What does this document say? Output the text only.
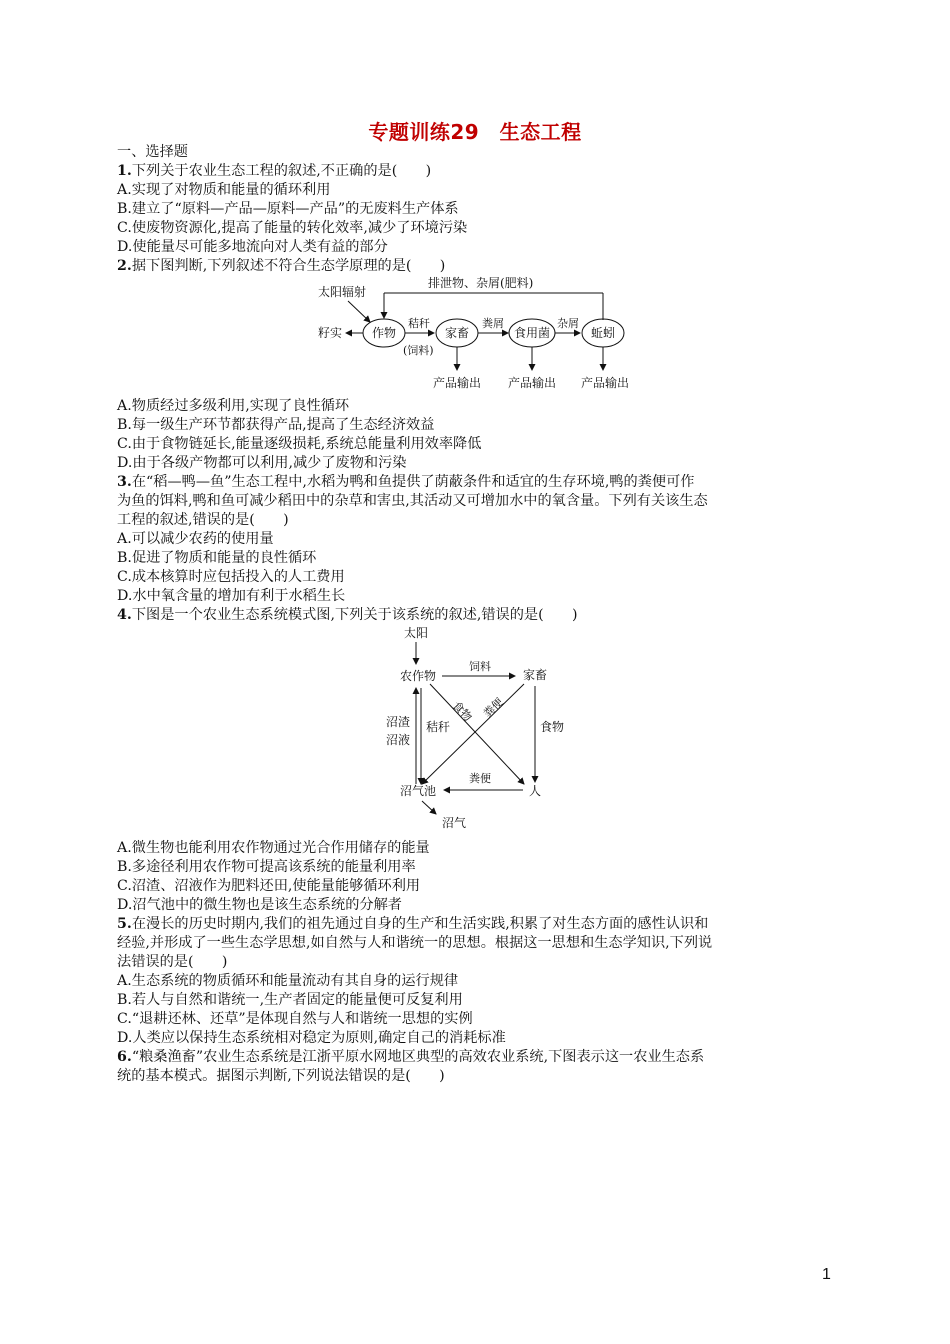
专题训练29　生态工程
一、选择题
1.下列关于农业生态工程的叙述,不正确的是(　　)
A.实现了对物质和能量的循环利用
B.建立了“原料—产品—原料—产品”的无废料生产体系
C.使废物资源化,提高了能量的转化效率,减少了环境污染
D.使能量尽可能多地流向对人类有益的部分
2.据下图判断,下列叙述不符合生态学原理的是(　　)
太阳辐射
排泄物、杂屑(肥料)
作物
籽实
秸秆
(饲料)
家畜
粪屑
食用菌
杂屑
蚯蚓
产品输出 产品输出 产品输出
A.物质经过多级利用,实现了良性循环
B.每一级生产环节都获得产品,提高了生态经济效益
C.由于食物链延长,能量逐级损耗,系统总能量利用效率降低
D.由于各级产物都可以利用,减少了废物和污染
3.在“稻—鸭—鱼”生态工程中,水稻为鸭和鱼提供了荫蔽条件和适宜的生存环境,鸭的粪便可作
为鱼的饵料,鸭和鱼可减少稻田中的杂草和害虫,其活动又可增加水中的氧含量。下列有关该生态
工程的叙述,错误的是(　　)
A.可以减少农药的使用量
B.促进了物质和能量的良性循环
C.成本核算时应包括投入的人工费用
D.水中氧含量的增加有利于水稻生长
4.下图是一个农业生态系统模式图,下列关于该系统的叙述,错误的是(　　)
太阳
农作物	家畜
饲料
食物 粪便
沼渣
沼液
秸秆	食物
沼气池	人
粪便
沼气
A.微生物也能利用农作物通过光合作用储存的能量
B.多途径利用农作物可提高该系统的能量利用率
C.沼渣、沼液作为肥料还田,使能量能够循环利用
D.沼气池中的微生物也是该生态系统的分解者
5.在漫长的历史时期内,我们的祖先通过自身的生产和生活实践,积累了对生态方面的感性认识和
经验,并形成了一些生态学思想,如自然与人和谐统一的思想。根据这一思想和生态学知识,下列说
法错误的是(　　)
A.生态系统的物质循环和能量流动有其自身的运行规律
B.若人与自然和谐统一,生产者固定的能量便可反复利用
C.“退耕还林、还草”是体现自然与人和谐统一思想的实例
D.人类应以保持生态系统相对稳定为原则,确定自己的消耗标准
6.“粮桑渔畜”农业生态系统是江浙平原水网地区典型的高效农业系统,下图表示这一农业生态系
统的基本模式。据图示判断,下列说法错误的是(　　)
1
